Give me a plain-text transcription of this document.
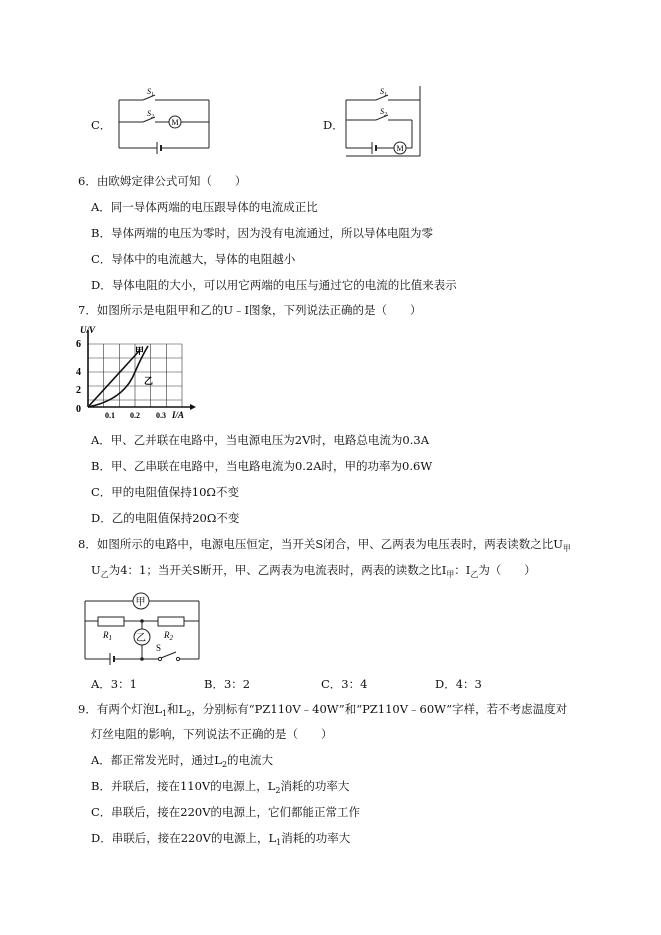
C．
$S_1$
$S_2$
M	D．
$S_1$
$S_2$
M
6．由欧姆定律公式可知（　　）
A．同一导体两端的电压跟导体的电流成正比
B．导体两端的电压为零时，因为没有电流通过，所以导体电阻为零
C．导体中的电流越大，导体的电阻越小
D．导体电阻的大小，可以用它两端的电压与通过它的电流的比值来表示
7．如图所示是电阻甲和乙的U﹣I图象，下列说法正确的是（　　）
U/V
6
4
2
0
0.1 0.2 0.3 I/A
甲
乙
A．甲、乙并联在电路中，当电源电压为2V时，电路总电流为0.3A
B．甲、乙串联在电路中，当电路电流为0.2A时，甲的功率为0.6W
C．甲的电阻值保持10Ω不变
D．乙的电阻值保持20Ω不变
8．如图所示的电路中，电源电压恒定，当开关S闭合，甲、乙两表为电压表时，两表读数之比$U_甲$
$U_乙$为4：1；当开关S断开，甲、乙两表为电流表时，两表的读数之比$I_甲$：$I_乙$为（　　）
甲
乙
$R_1$	$R_2$
S
A．3：1	B．3：2	C．3：4	D．4：3
9．有两个灯泡$L_1$和$L_2$，分别标有“PZ110V﹣40W”和“PZ110V﹣60W”字样，若不考虑温度对
灯丝电阻的影响，下列说法不正确的是（　　）
A．都正常发光时，通过$L_2$的电流大
B．并联后，接在110V的电源上，$L_2$消耗的功率大
C．串联后，接在220V的电源上，它们都能正常工作
D．串联后，接在220V的电源上，$L_1$消耗的功率大
